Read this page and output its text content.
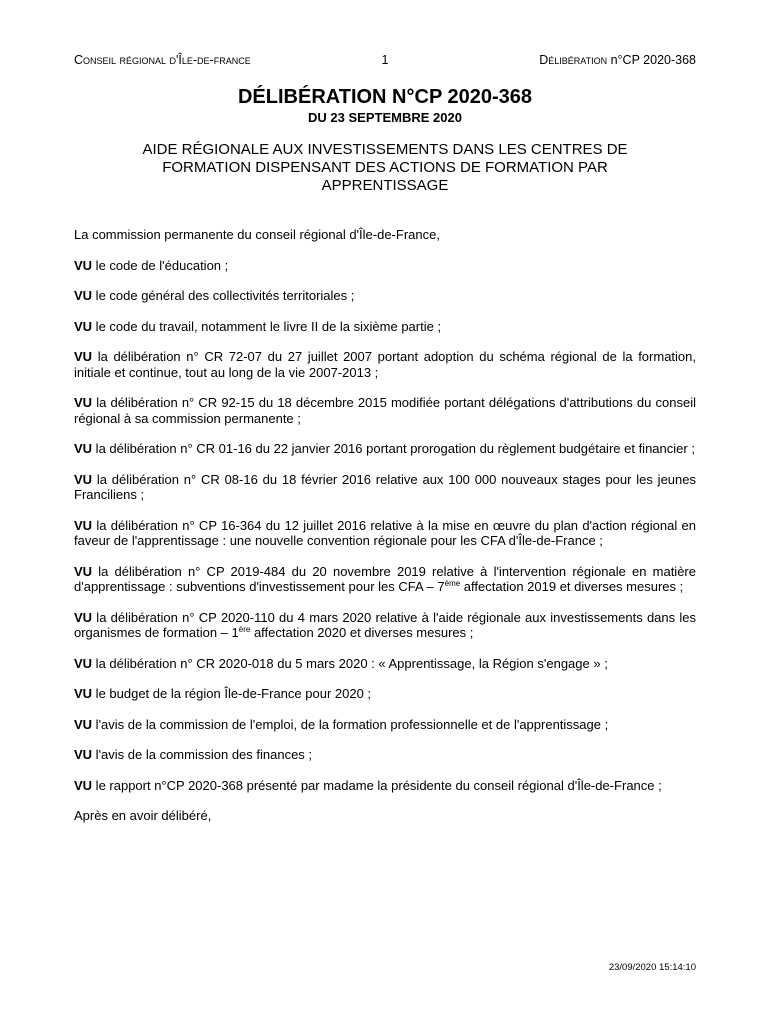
Conseil régional d'Île-de-france	1	Délibération n°CP 2020-368
DÉLIBÉRATION N°CP 2020-368

DU 23 SEPTEMBRE 2020

AIDE RÉGIONALE AUX INVESTISSEMENTS DANS LES CENTRES DE
FORMATION DISPENSANT DES ACTIONS DE FORMATION PAR
APPRENTISSAGE

La commission permanente du conseil régional d'Île-de-France,

VU le code de l'éducation ;

VU le code général des collectivités territoriales ;

VU le code du travail, notamment le livre II de la sixième partie ;

VU la délibération n° CR 72-07 du 27 juillet 2007 portant adoption du schéma régional de la formation, initiale et continue, tout au long de la vie 2007-2013 ;

VU la délibération n° CR 92-15 du 18 décembre 2015 modifiée portant délégations d'attributions du conseil régional à sa commission permanente ;

VU la délibération n° CR 01-16 du 22 janvier 2016 portant prorogation du règlement budgétaire et financier ;

VU la délibération n° CR 08-16 du 18 février 2016 relative aux 100 000 nouveaux stages pour les jeunes Franciliens ;

VU la délibération n° CP 16-364 du 12 juillet 2016 relative à la mise en œuvre du plan d'action régional en faveur de l'apprentissage : une nouvelle convention régionale pour les CFA d'Île-de-France ;

VU la délibération n° CP 2019-484 du 20 novembre 2019 relative à l'intervention régionale en matière d'apprentissage : subventions d'investissement pour les CFA – 7ème affectation 2019 et diverses mesures ;

VU la délibération n° CP 2020-110 du 4 mars 2020 relative à l'aide régionale aux investissements dans les organismes de formation – 1ère affectation 2020 et diverses mesures ;

VU la délibération n° CR 2020-018 du 5 mars 2020 : « Apprentissage, la Région s'engage » ;

VU le budget de la région Île-de-France pour 2020 ;

VU l'avis de la commission de l'emploi, de la formation professionnelle et de l'apprentissage ;

VU l'avis de la commission des finances ;

VU le rapport n°CP 2020-368 présenté par madame la présidente du conseil régional d'Île-de-France ;

Après en avoir délibéré,

23/09/2020 15:14:10
